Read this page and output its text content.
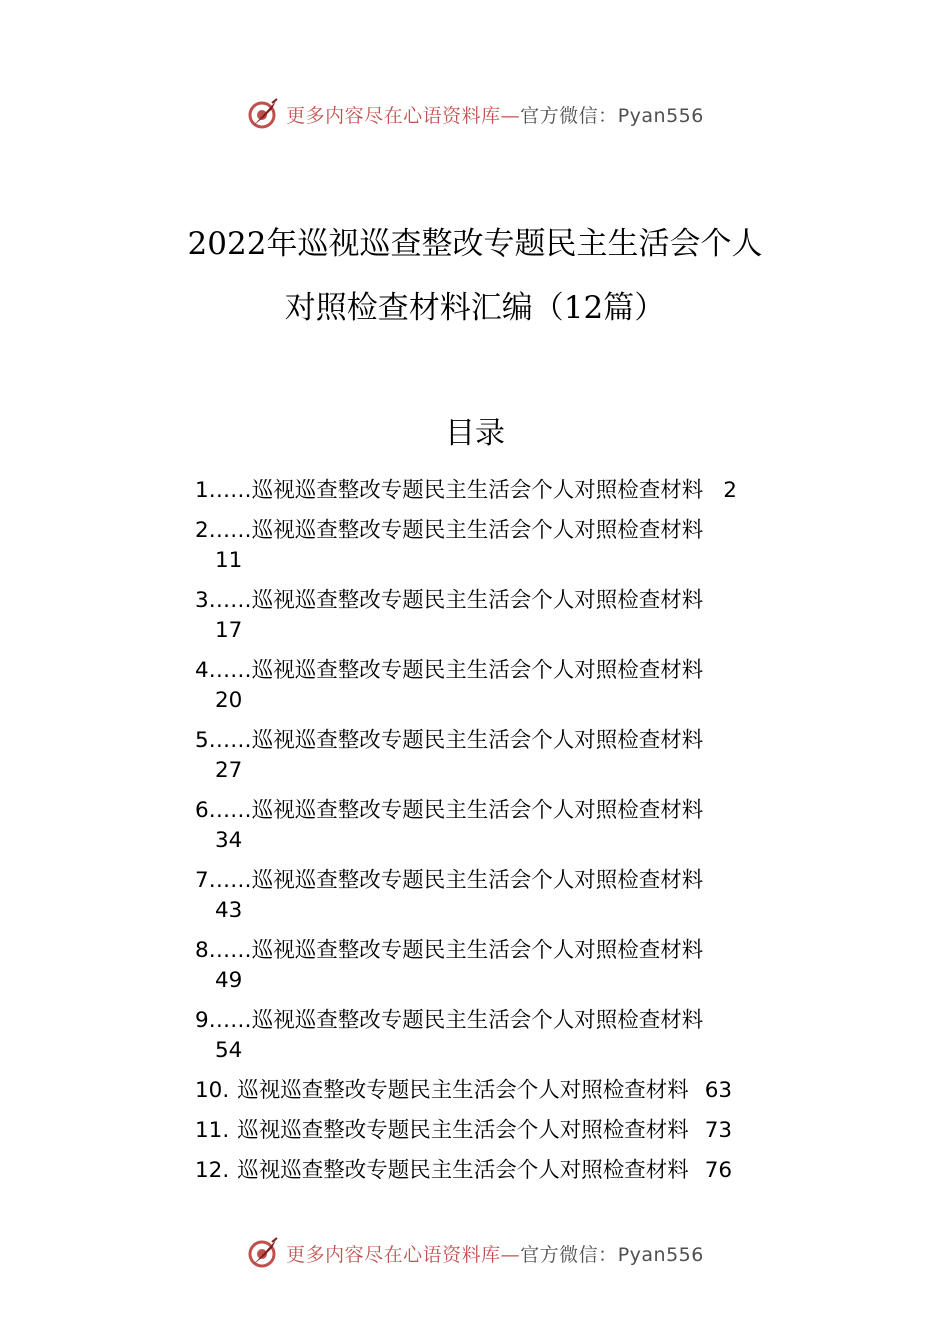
更多内容尽在心语资料库—官方微信：Pyan556
2022年巡视巡查整改专题民主生活会个人
对照检查材料汇编（12篇）
目录
1……巡视巡查整改专题民主生活会个人对照检查材料 2
2……巡视巡查整改专题民主生活会个人对照检查材料
11
3……巡视巡查整改专题民主生活会个人对照检查材料
17
4……巡视巡查整改专题民主生活会个人对照检查材料
20
5……巡视巡查整改专题民主生活会个人对照检查材料
27
6……巡视巡查整改专题民主生活会个人对照检查材料
34
7……巡视巡查整改专题民主生活会个人对照检查材料
43
8……巡视巡查整改专题民主生活会个人对照检查材料
49
9……巡视巡查整改专题民主生活会个人对照检查材料
54
10. 巡视巡查整改专题民主生活会个人对照检查材料 63
11. 巡视巡查整改专题民主生活会个人对照检查材料 73
12. 巡视巡查整改专题民主生活会个人对照检查材料 76
更多内容尽在心语资料库—官方微信：Pyan556
